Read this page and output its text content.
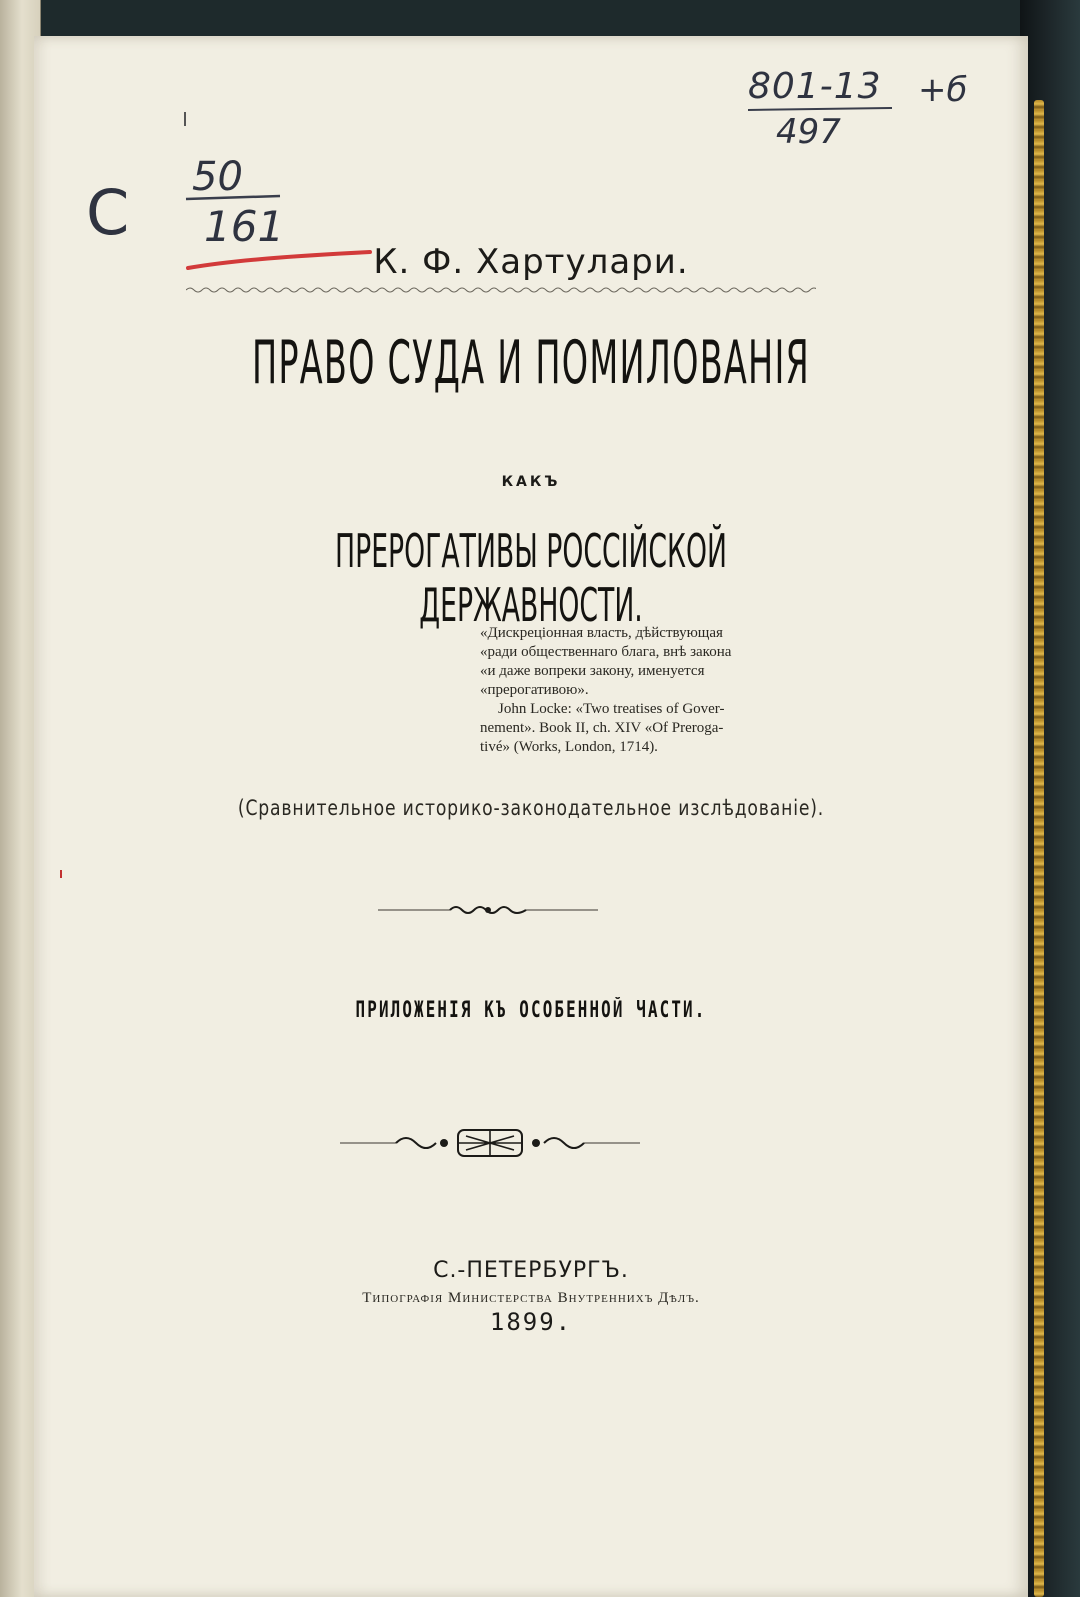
801-13 +б
497
C 50
161
К. Ф. Хартулари.
ПРАВО СУДА И ПОМИЛОВАНІЯ
КАКЪ
ПРЕРОГАТИВЫ РОССІЙСКОЙ ДЕРЖАВНОСТИ.
«Дискреціонная власть, дѣйствующая
«ради общественнаго блага, внѣ закона
«и даже вопреки закону, именуется
«прерогативою».
John Locke: «Two treatises of Gover-
nement». Book II, ch. XIV «Of Preroga-
tivé» (Works, London, 1714).
(Сравнительное историко-законодательное изслѣдованіе).
ПРИЛОЖЕНІЯ КЪ ОСОБЕННОЙ ЧАСТИ.
С.-ПЕТЕРБУРГЪ.
Типографія Министерства Внутреннихъ Дѣлъ.
1899.
